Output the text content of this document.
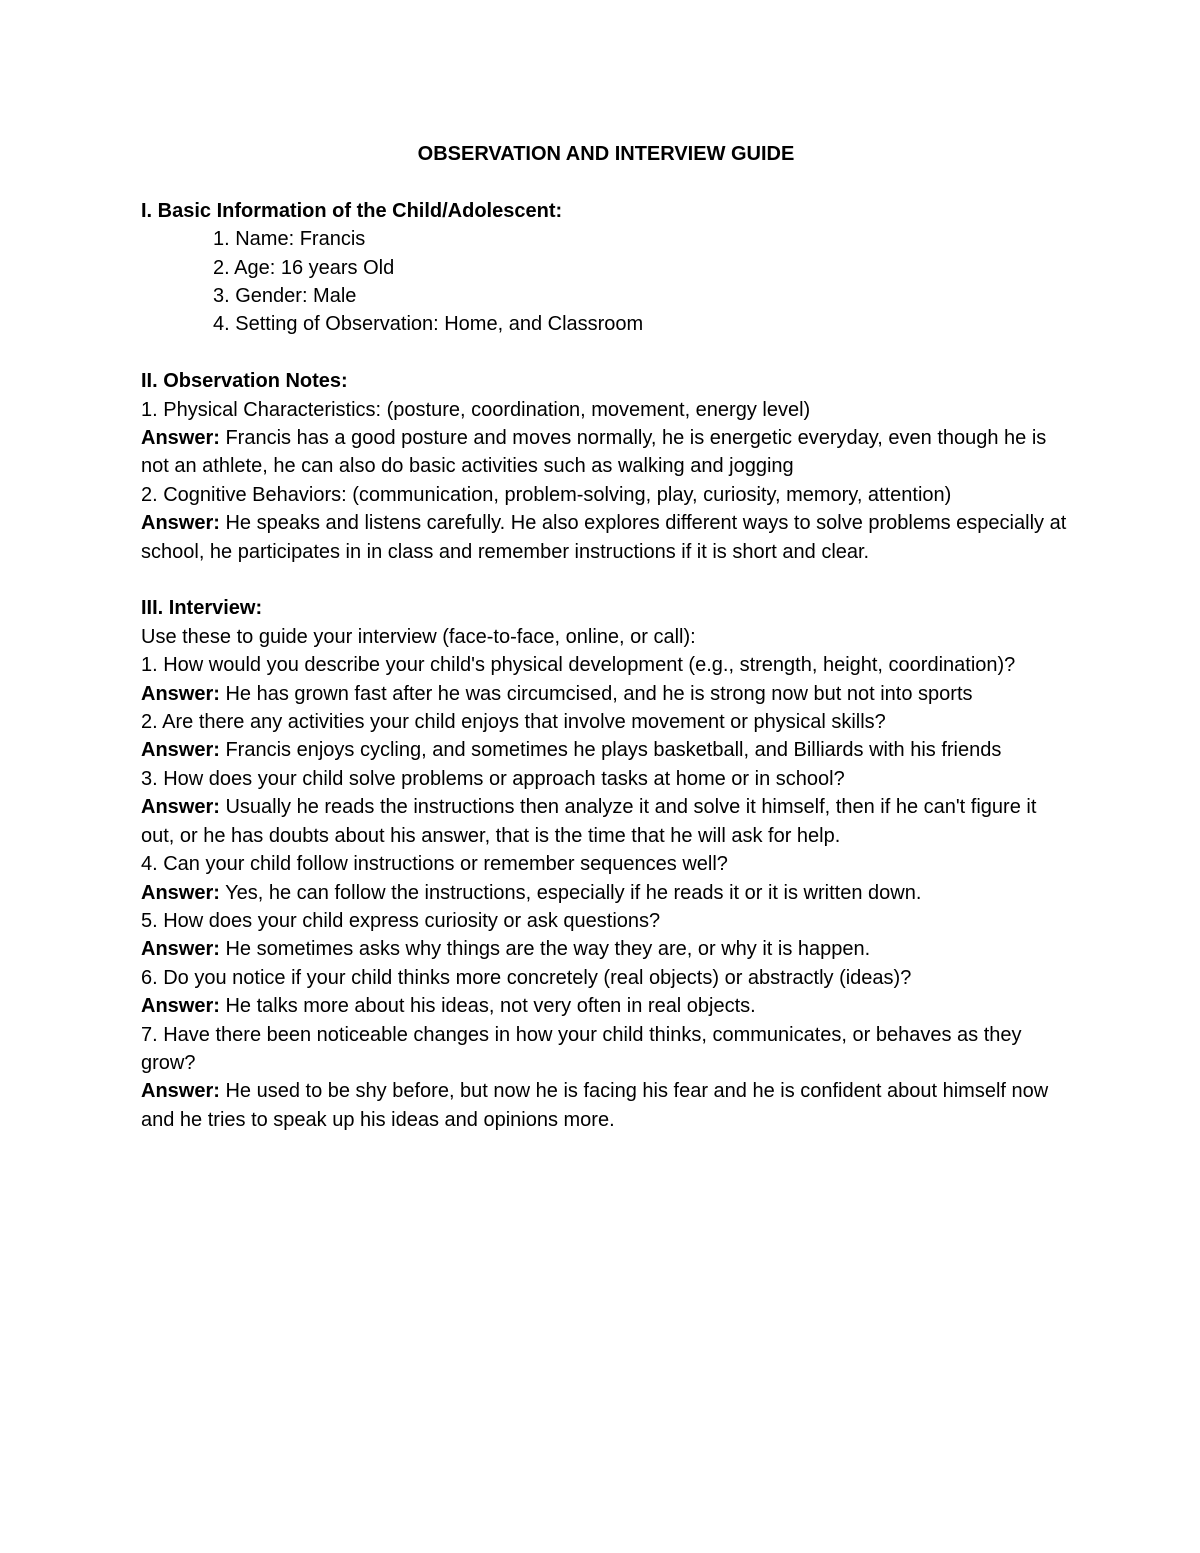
OBSERVATION AND INTERVIEW GUIDE

I. Basic Information of the Child/Adolescent:

1. Name: Francis
2. Age: 16 years Old
3. Gender: Male
4. Setting of Observation: Home, and Classroom

II. Observation Notes:

1. Physical Characteristics: (posture, coordination, movement, energy level)

Answer: Francis has a good posture and moves normally, he is energetic everyday, even though he is not an athlete, he can also do basic activities such as walking and jogging

2. Cognitive Behaviors: (communication, problem-solving, play, curiosity, memory, attention)

Answer: He speaks and listens carefully. He also explores different ways to solve problems especially at school, he participates in in class and remember instructions if it is short and clear.

III. Interview:

Use these to guide your interview (face-to-face, online, or call):

1. How would you describe your child's physical development (e.g., strength, height, coordination)?

Answer: He has grown fast after he was circumcised, and he is strong now but not into sports

2. Are there any activities your child enjoys that involve movement or physical skills?

Answer: Francis enjoys cycling, and sometimes he plays basketball, and Billiards with his friends

3. How does your child solve problems or approach tasks at home or in school?

Answer: Usually he reads the instructions then analyze it and solve it himself, then if he can't figure it out, or he has doubts about his answer, that is the time that he will ask for help.

4. Can your child follow instructions or remember sequences well?

Answer: Yes, he can follow the instructions, especially if he reads it or it is written down.

5. How does your child express curiosity or ask questions?

Answer: He sometimes asks why things are the way they are, or why it is happen.

6. Do you notice if your child thinks more concretely (real objects) or abstractly (ideas)?

Answer: He talks more about his ideas, not very often in real objects.

7. Have there been noticeable changes in how your child thinks, communicates, or behaves as they grow?

Answer: He used to be shy before, but now he is facing his fear and he is confident about himself now and he tries to speak up his ideas and opinions more.
